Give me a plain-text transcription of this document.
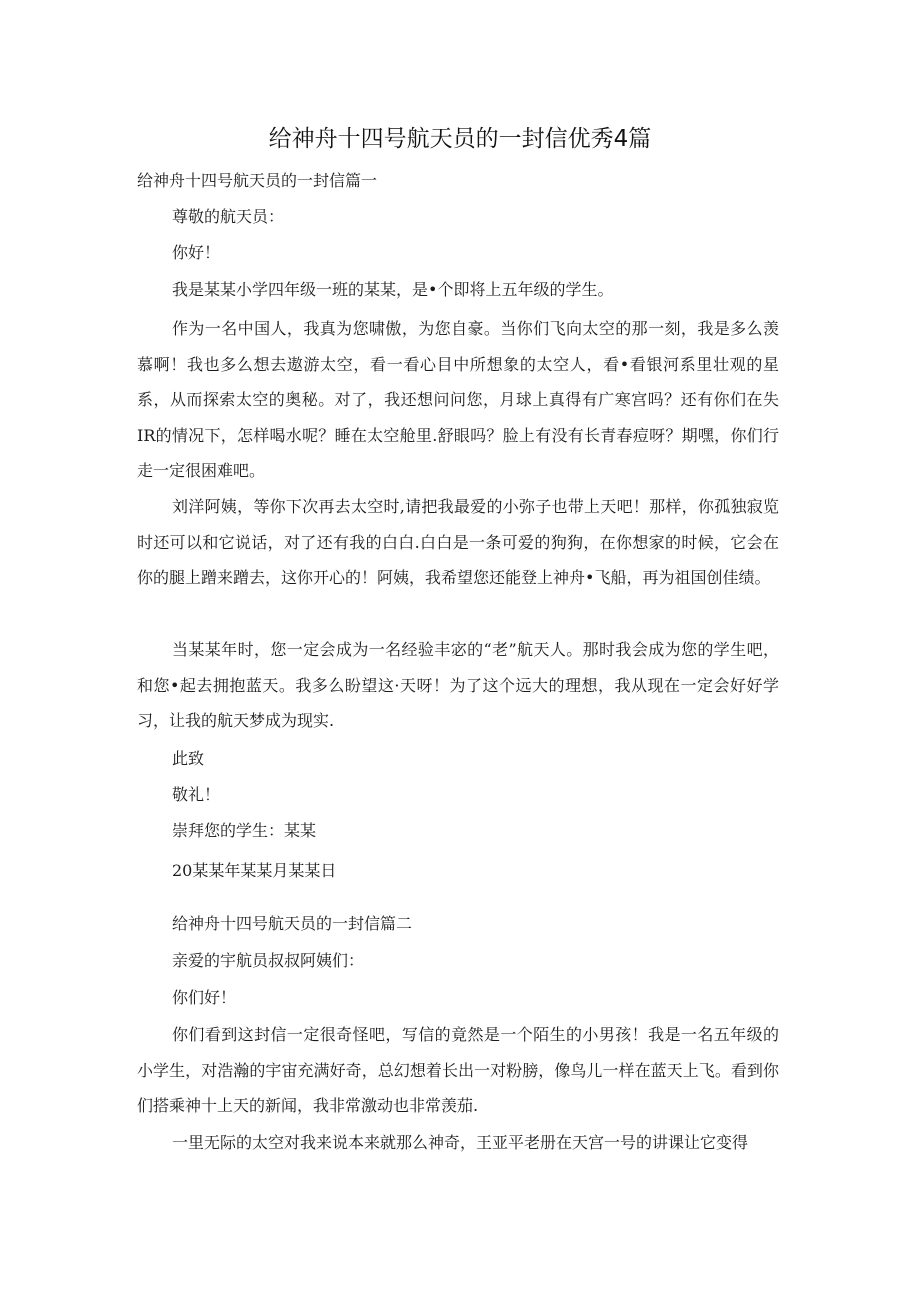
给神舟十四号航天员的一封信优秀4篇

给神舟十四号航天员的一封信篇一

尊敬的航天员：

你好！

我是某某小学四年级一班的某某，是•个即将上五年级的学生。

作为一名中国人，我真为您啸傲，为您自豪。当你们飞向太空的那一刻，我是多么羡慕啊！我也多么想去遨游太空，看一看心目中所想象的太空人，看•看银河系里壮观的星系，从而探索太空的奥秘。对了，我还想问问您，月球上真得有广寒宫吗？还有你们在失IR的情况下，怎样喝水呢？睡在太空舱里.舒眼吗？脸上有没有长青春痘呀？期嘿，你们行走一定很困难吧。

刘洋阿姨，等你下次再去太空时,请把我最爱的小弥子也带上天吧！那样，你孤独寂览时还可以和它说话，对了还有我的白白.白白是一条可爱的狗狗，在你想家的时候，它会在你的腿上蹭来蹭去，这你开心的！阿姨，我希望您还能登上神舟•飞船，再为祖国创佳绩。

当某某年时，您一定会成为一名经验丰宓的“老”航天人。那时我会成为您的学生吧，和您•起去拥抱蓝天。我多么盼望这·天呀！为了这个远大的理想，我从现在一定会好好学习，让我的航天梦成为现实.

此致

敬礼！

崇拜您的学生：某某

20某某年某某月某某日

给神舟十四号航天员的一封信篇二

亲爱的宇航员叔叔阿姨们：

你们好！

你们看到这封信一定很奇怪吧，写信的竟然是一个陌生的小男孩！我是一名五年级的小学生，对浩瀚的宇宙充满好奇，总幻想着长出一对粉膀，像鸟儿一样在蓝天上飞。看到你们搭乘神十上天的新闻，我非常激动也非常羡茄.

一里无际的太空对我来说本来就那么神奇，王亚平老册在天宫一号的讲课让它变得
